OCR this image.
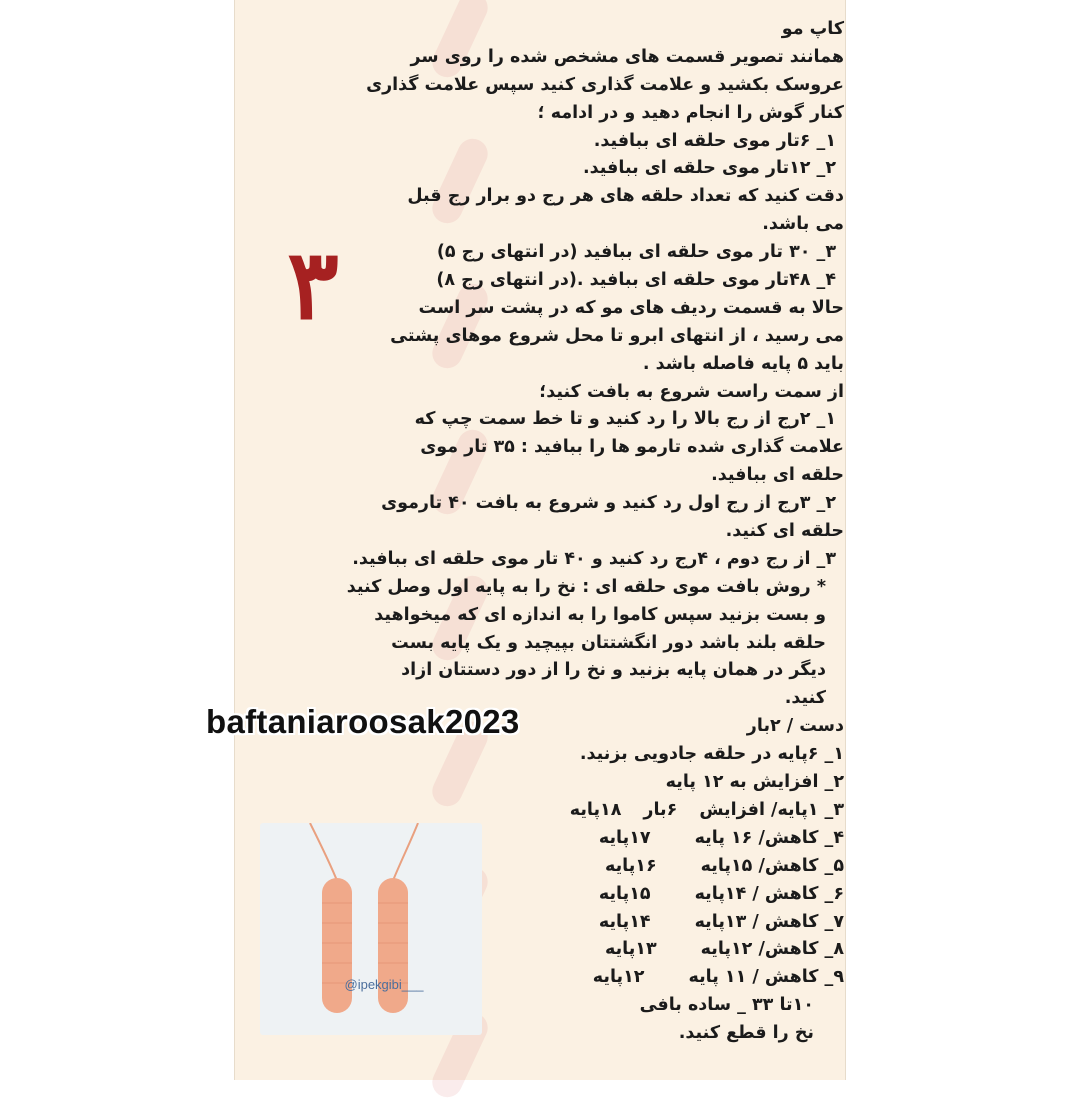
۳
کاپ مو
همانند تصویر قسمت های مشخص شده را روی سر
عروسک بکشید و علامت گذاری کنید سپس علامت گذاری
کنار گوش را انجام دهید و در ادامه ؛
۱_ ۶تار موی حلقه ای ببافید.
۲_ ۱۲تار موی حلقه ای ببافید.
دقت کنید که تعداد حلقه های هر رج دو برار رج قبل
می باشد.
۳_ ۳۰ تار موی حلقه ای ببافید (در انتهای رج ۵)
۴_ ۴۸تار موی حلقه ای ببافید .(در انتهای رج ۸)
حالا به قسمت ردیف های مو که در پشت سر است
می رسید ، از انتهای ابرو تا محل شروع موهای پشتی
باید ۵ پایه فاصله باشد .
از سمت راست شروع به بافت کنید؛
۱_ ۲رج از رج بالا را رد کنید و تا خط سمت چپ که
علامت گذاری شده تارمو ها را ببافید : ۳۵ تار موی
حلقه ای ببافید.
۲_ ۳رج از رج اول رد کنید و شروع به بافت ۴۰ تارموی
حلقه ای کنید.
۳_ از رج دوم ، ۴رج رد کنید و ۴۰ تار موی حلقه ای ببافید.
* روش بافت موی حلقه ای : نخ را به پایه اول وصل کنید
و بست بزنید سپس کاموا را به اندازه ای که میخواهید
حلقه بلند باشد دور انگشتتان بپیچید و یک پایه بست
دیگر در همان پایه بزنید و نخ را از دور دستتان ازاد
کنید.
دست / ۲بار
۱_ ۶پایه در حلقه جادویی بزنید.
۲_ افزایش به ۱۲ پایه
۳_ ۱پایه/ افزایش
۶بار
۱۸پایه
۴_ کاهش/ ۱۶ پایه
۱۷پایه
۵_ کاهش/ ۱۵پایه
۱۶پایه
۶_ کاهش / ۱۴پایه
۱۵پایه
۷_ کاهش / ۱۳پایه
۱۴پایه
۸_ کاهش/ ۱۲پایه
۱۳پایه
۹_ کاهش / ۱۱ پایه
۱۲پایه
۱۰تا ۳۳ _ ساده بافی
نخ را قطع کنید.
@ipekgibi___
baftaniaroosak2023
